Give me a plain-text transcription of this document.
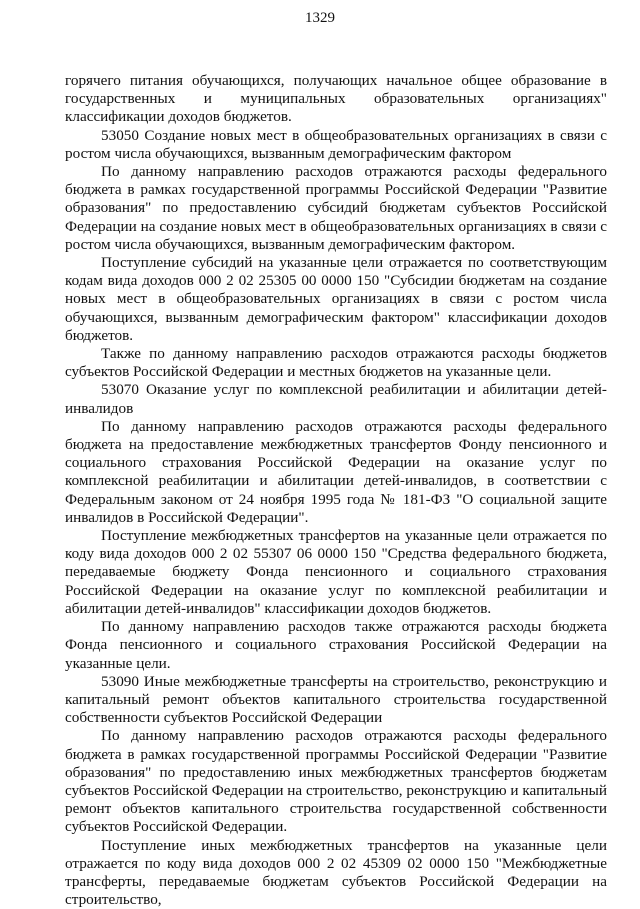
1329

горячего питания обучающихся, получающих начальное общее образование в государственных и муниципальных образовательных организациях" классификации доходов бюджетов.

53050 Создание новых мест в общеобразовательных организациях в связи с ростом числа обучающихся, вызванным демографическим фактором

По данному направлению расходов отражаются расходы федерального бюджета в рамках государственной программы Российской Федерации "Развитие образования" по предоставлению субсидий бюджетам субъектов Российской Федерации на создание новых мест в общеобразовательных организациях в связи с ростом числа обучающихся, вызванным демографическим фактором.

Поступление субсидий на указанные цели отражается по соответствующим кодам вида доходов 000 2 02 25305 00 0000 150 "Субсидии бюджетам на создание новых мест в общеобразовательных организациях в связи с ростом числа обучающихся, вызванным демографическим фактором" классификации доходов бюджетов.

Также по данному направлению расходов отражаются расходы бюджетов субъектов Российской Федерации и местных бюджетов на указанные цели.

53070 Оказание услуг по комплексной реабилитации и абилитации детей-инвалидов

По данному направлению расходов отражаются расходы федерального бюджета на предоставление межбюджетных трансфертов Фонду пенсионного и социального страхования Российской Федерации на оказание услуг по комплексной реабилитации и абилитации детей-инвалидов, в соответствии с Федеральным законом от 24 ноября 1995 года № 181-ФЗ "О социальной защите инвалидов в Российской Федерации".

Поступление межбюджетных трансфертов на указанные цели отражается по коду вида доходов 000 2 02 55307 06 0000 150 "Средства федерального бюджета, передаваемые бюджету Фонда пенсионного и социального страхования Российской Федерации на оказание услуг по комплексной реабилитации и абилитации детей-инвалидов" классификации доходов бюджетов.

По данному направлению расходов также отражаются расходы бюджета Фонда пенсионного и социального страхования Российской Федерации на указанные цели.

53090 Иные межбюджетные трансферты на строительство, реконструкцию и капитальный ремонт объектов капитального строительства государственной собственности субъектов Российской Федерации

По данному направлению расходов отражаются расходы федерального бюджета в рамках государственной программы Российской Федерации "Развитие образования" по предоставлению иных межбюджетных трансфертов бюджетам субъектов Российской Федерации на строительство, реконструкцию и капитальный ремонт объектов капитального строительства государственной собственности субъектов Российской Федерации.

Поступление иных межбюджетных трансфертов на указанные цели отражается по коду вида доходов 000 2 02 45309 02 0000 150 "Межбюджетные трансферты, передаваемые бюджетам субъектов Российской Федерации на строительство,
